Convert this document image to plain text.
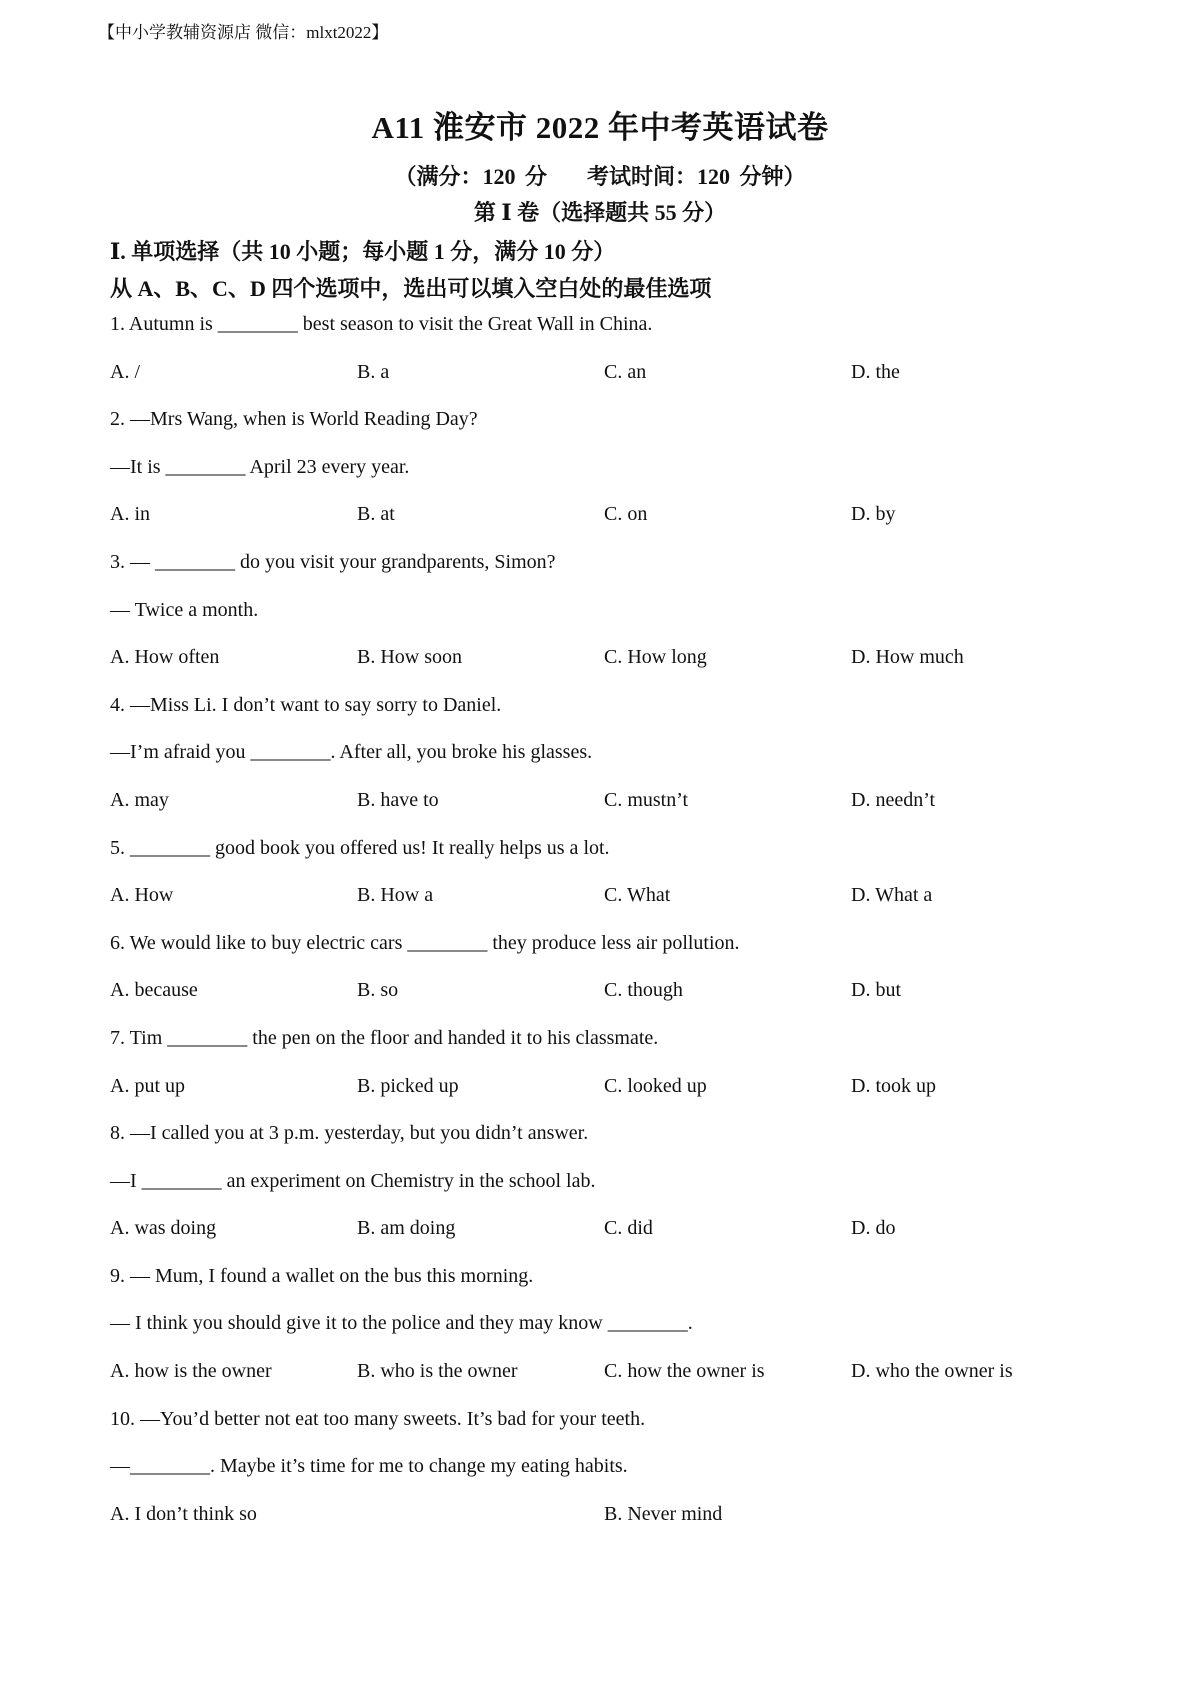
【中小学教辅资源店 微信：mlxt2022】
A11 淮安市 2022 年中考英语试卷
（满分：120 分 考试时间：120 分钟）
第 Ⅰ 卷（选择题共 55 分）
Ⅰ. 单项选择（共 10 小题；每小题 1 分，满分 10 分）
从 A、B、C、D 四个选项中，选出可以填入空白处的最佳选项
1. Autumn is ________ best season to visit the Great Wall in China.
A. /	B. a	C. an	D. the
2. —Mrs Wang, when is World Reading Day?
—It is ________ April 23 every year.
A. in	B. at	C. on	D. by
3. — ________ do you visit your grandparents, Simon?
— Twice a month.
A. How often	B. How soon	C. How long	D. How much
4. —Miss Li. I don’t want to say sorry to Daniel.
—I’m afraid you ________. After all, you broke his glasses.
A. may	B. have to	C. mustn’t	D. needn’t
5. ________ good book you offered us! It really helps us a lot.
A. How	B. How a	C. What	D. What a
6. We would like to buy electric cars ________ they produce less air pollution.
A. because	B. so	C. though	D. but
7. Tim ________ the pen on the floor and handed it to his classmate.
A. put up	B. picked up	C. looked up	D. took up
8. —I called you at 3 p.m. yesterday, but you didn’t answer.
—I ________ an experiment on Chemistry in the school lab.
A. was doing	B. am doing	C. did	D. do
9. — Mum, I found a wallet on the bus this morning.
— I think you should give it to the police and they may know ________.
A. how is the owner	B. who is the owner	C. how the owner is	D. who the owner is
10. —You’d better not eat too many sweets. It’s bad for your teeth.
—________. Maybe it’s time for me to change my eating habits.
A. I don’t think so	B. Never mind
